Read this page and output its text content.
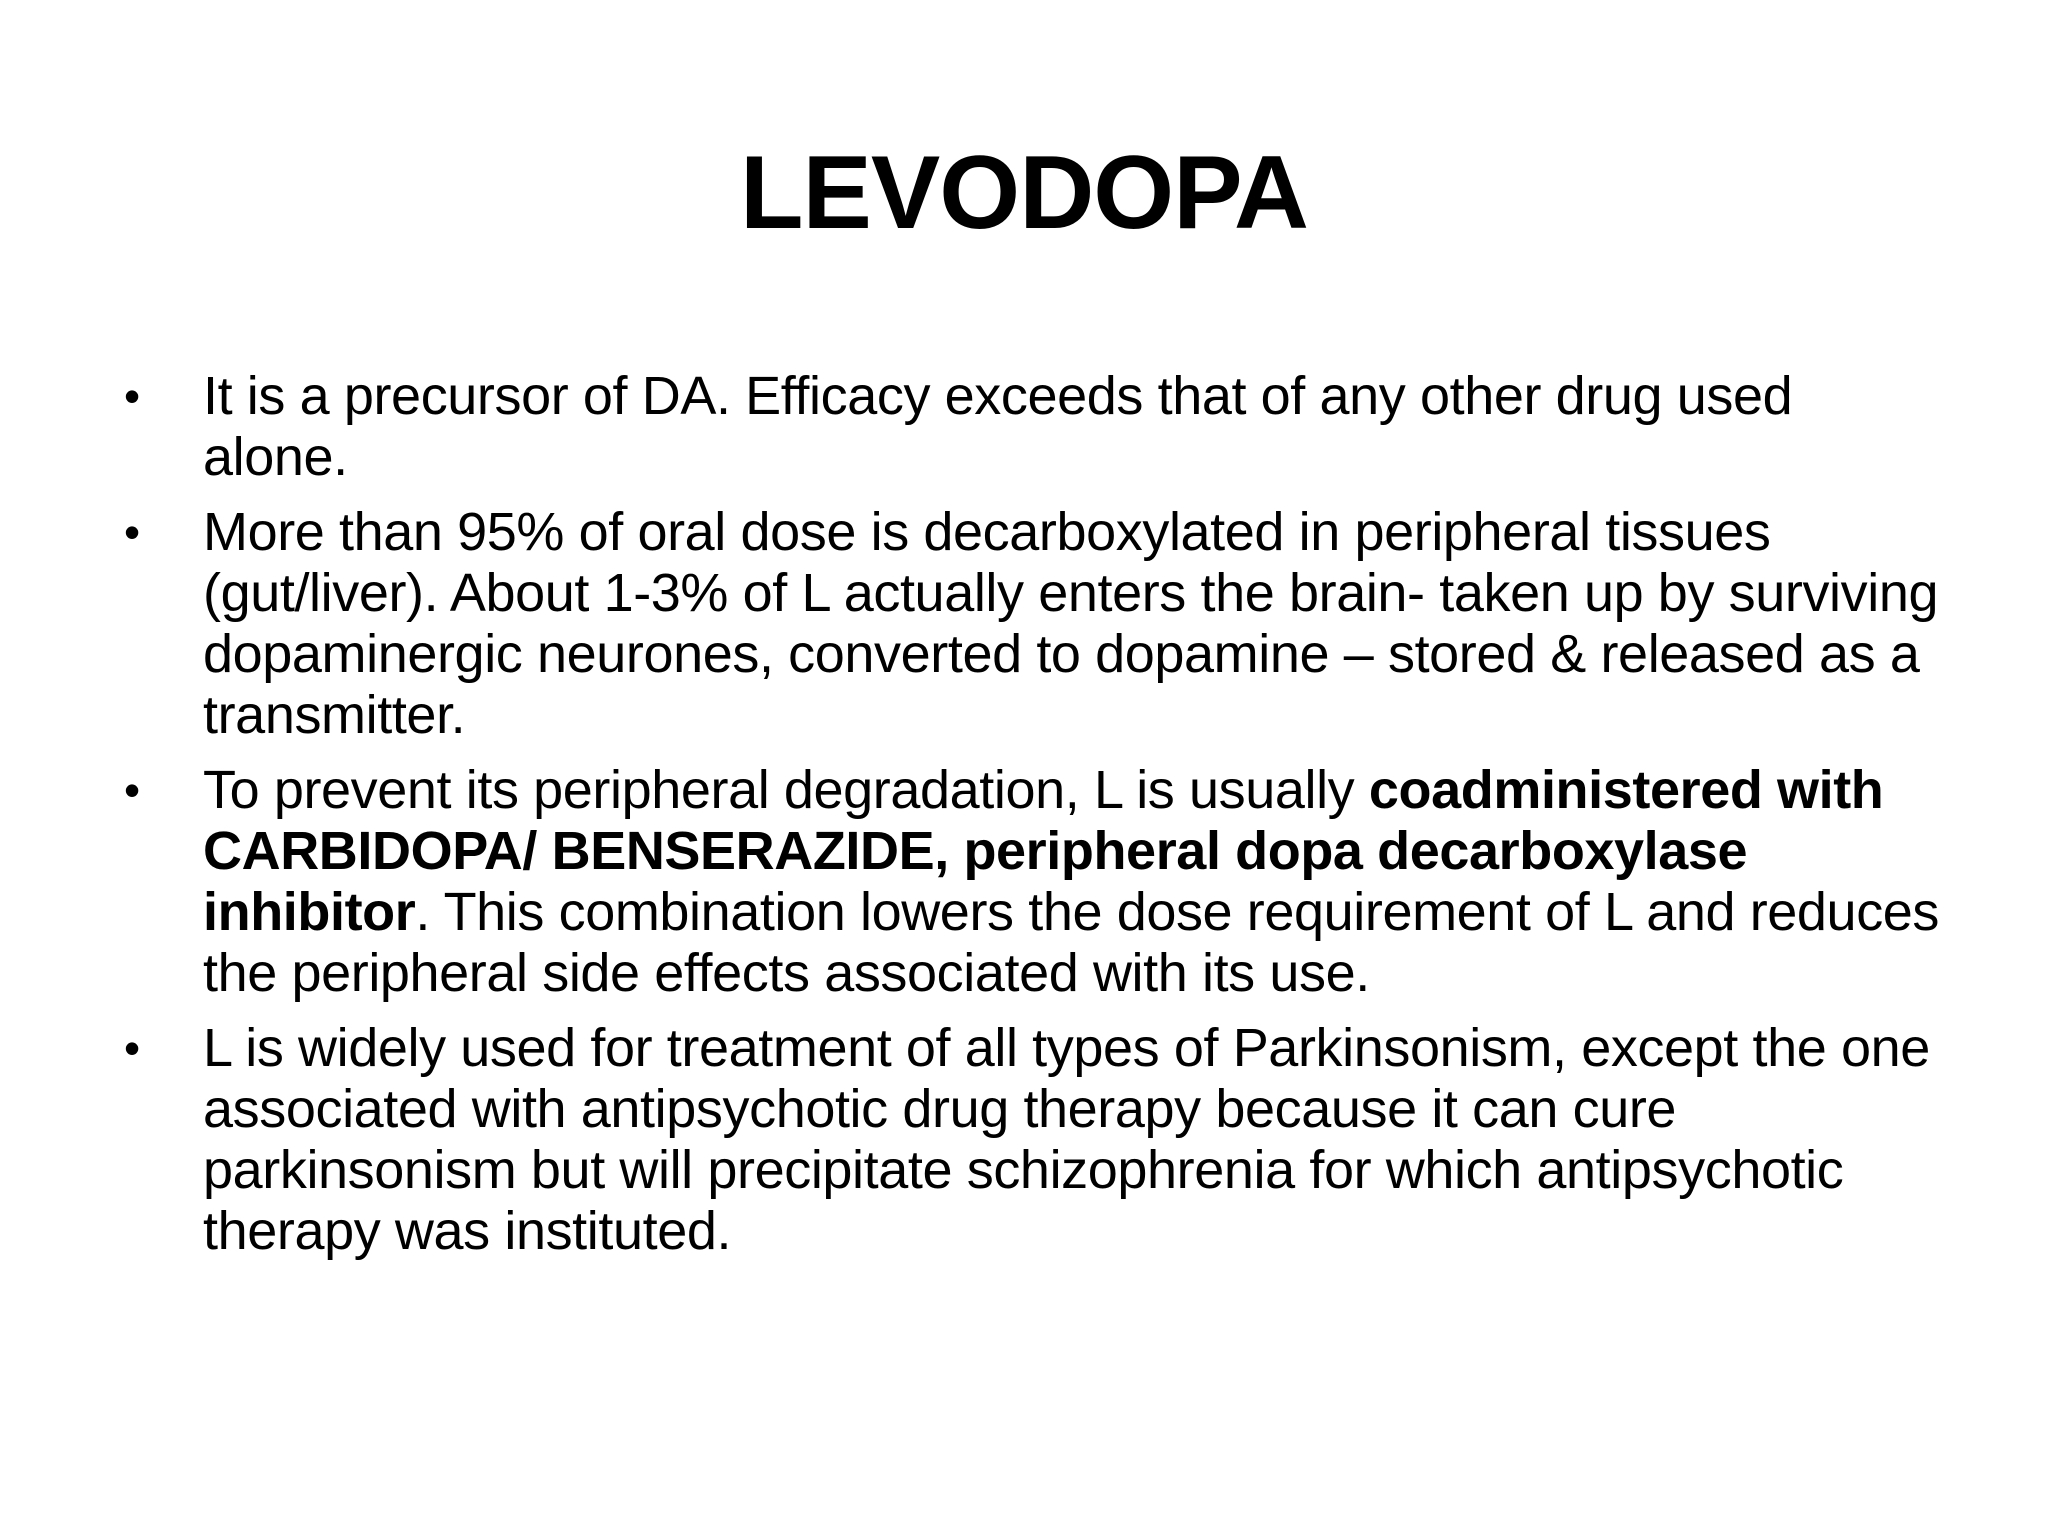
LEVODOPA
• It is a precursor of DA. Efficacy exceeds that of any other drug used alone.
• More than 95% of oral dose is decarboxylated in peripheral tissues (gut/liver). About 1-3% of L actually enters the brain- taken up by surviving dopaminergic neurones, converted to dopamine – stored & released as a transmitter.
• To prevent its peripheral degradation, L is usually coadministered with CARBIDOPA/ BENSERAZIDE, peripheral dopa decarboxylase inhibitor. This combination lowers the dose requirement of L and reduces the peripheral side effects associated with its use.
• L is widely used for treatment of all types of Parkinsonism, except the one associated with antipsychotic drug therapy because it can cure parkinsonism but will precipitate schizophrenia for which antipsychotic therapy was instituted.
